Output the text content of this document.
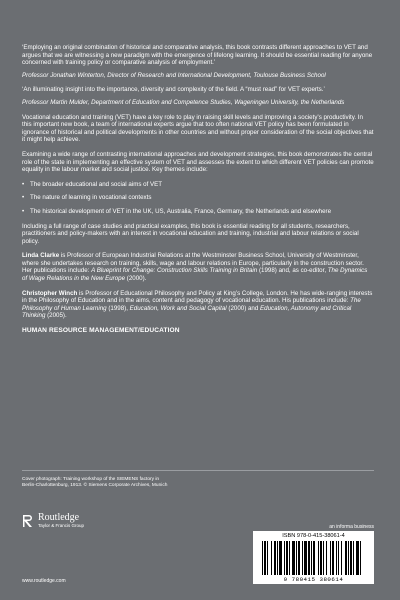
‘Employing an original combination of historical and comparative analysis, this book contrasts different approaches to VET and argues that we are witnessing a new paradigm with the emergence of lifelong learning. It should be essential reading for anyone concerned with training policy or comparative analysis of employment.’

Professor Jonathan Winterton, Director of Research and International Development, Toulouse Business School

‘An illuminating insight into the importance, diversity and complexity of the field. A “must read” for VET experts.’

Professor Martin Mulder, Department of Education and Competence Studies, Wageningen University, the Netherlands

Vocational education and training (VET) have a key role to play in raising skill levels and improving a society’s productivity. In this important new book, a team of international experts argue that too often national VET policy has been formulated in ignorance of historical and political developments in other countries and without proper consideration of the social objectives that it might help achieve.

Examining a wide range of contrasting international approaches and development strategies, this book demonstrates the central role of the state in implementing an effective system of VET and assesses the extent to which different VET policies can promote equality in the labour market and social justice. Key themes include:

• The broader educational and social aims of VET
• The nature of learning in vocational contexts
• The historical development of VET in the UK, US, Australia, France, Germany, the Netherlands and elsewhere

Including a full range of case studies and practical examples, this book is essential reading for all students, researchers, practitioners and policy-makers with an interest in vocational education and training, industrial and labour relations or social policy.

Linda Clarke is Professor of European Industrial Relations at the Westminster Business School, University of Westminster, where she undertakes research on training, skills, wage and labour relations in Europe, particularly in the construction sector. Her publications include: A Blueprint for Change: Construction Skills Training in Britain (1998) and, as co-editor, The Dynamics of Wage Relations in the New Europe (2000).

Christopher Winch is Professor of Educational Philosophy and Policy at King’s College, London. He has wide-ranging interests in the Philosophy of Education and in the aims, content and pedagogy of vocational education. His publications include: The Philosophy of Human Learning (1998), Education, Work and Social Capital (2000) and Education, Autonomy and Critical Thinking (2005).

HUMAN RESOURCE MANAGEMENT/EDUCATION
Cover photograph: Training workshop of the SIEMENS factory in Berlin-Charlottenburg, 1913. © Siemens Corporate Archives, Munich
Routledge
Taylor & Francis Group
www.routledge.com
an informa business
ISBN 978-0-415-38061-4
9 780415 380614
